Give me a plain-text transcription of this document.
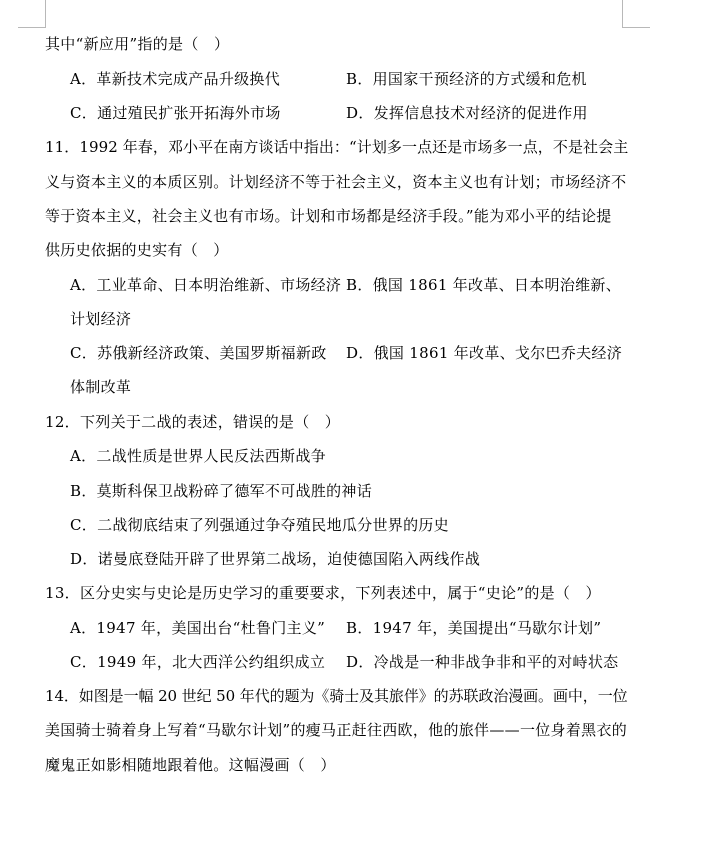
其中“新应用”指的是（　）
A．革新技术完成产品升级换代	B．用国家干预经济的方式缓和危机
C．通过殖民扩张开拓海外市场	D．发挥信息技术对经济的促进作用
11．1992 年春，邓小平在南方谈话中指出：“计划多一点还是市场多一点，不是社会主
义与资本主义的本质区别。计划经济不等于社会主义，资本主义也有计划；市场经济不
等于资本主义，社会主义也有市场。计划和市场都是经济手段。”能为邓小平的结论提
供历史依据的史实有（　）
A．工业革命、日本明治维新、市场经济 B．俄国 1861 年改革、日本明治维新、
计划经济
C．苏俄新经济政策、美国罗斯福新政 D．俄国 1861 年改革、戈尔巴乔夫经济
体制改革
12．下列关于二战的表述，错误的是（　）
A．二战性质是世界人民反法西斯战争
B．莫斯科保卫战粉碎了德军不可战胜的神话
C．二战彻底结束了列强通过争夺殖民地瓜分世界的历史
D．诺曼底登陆开辟了世界第二战场，迫使德国陷入两线作战
13．区分史实与史论是历史学习的重要要求，下列表述中，属于“史论”的是（　）
A．1947 年，美国出台“杜鲁门主义” B．1947 年，美国提出“马歇尔计划”
C．1949 年，北大西洋公约组织成立 D．冷战是一种非战争非和平的对峙状态
14．如图是一幅 20 世纪 50 年代的题为《骑士及其旅伴》的苏联政治漫画。画中，一位
美国骑士骑着身上写着“马歇尔计划”的瘦马正赶往西欧，他的旅伴——一位身着黑衣的
魔鬼正如影相随地跟着他。这幅漫画（　）
